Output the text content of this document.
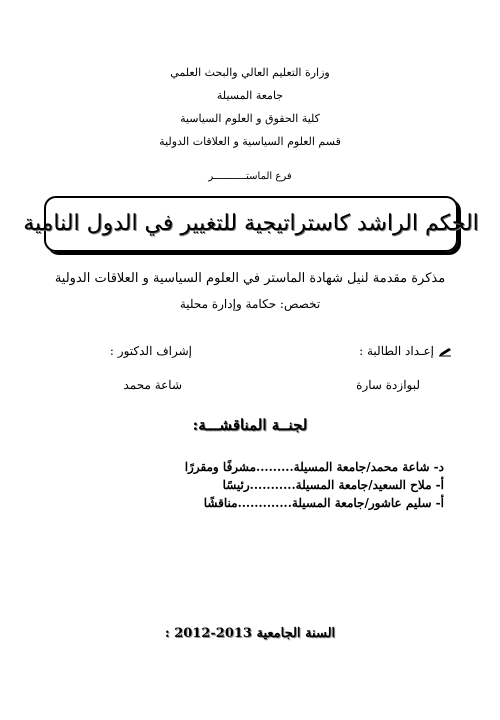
وزارة التعليم العالي والبحث العلمي
جامعة المسيلة
كلية الحقوق و العلوم السياسية
قسم العلوم السياسية و العلاقات الدولية
فرع الماستـــــــــــر
الحكم الراشد كاستراتيجية للتغيير في الدول النامية
مذكرة مقدمة لنيل شهادة الماستر في العلوم السياسية و العلاقات الدولية
تخصص: حكامة وإدارة محلية
إعـداد الطالبة :
إشراف الدكتور :
لبوازدة سارة
شاعة محمد
لجنــة المناقشـــة:
د- شاعة محمد/جامعة المسيلة.........مشرفًا ومقررًا
أ- ملاح السعيد/جامعة المسيلة...........رئيسًا
أ- سليم عاشور/جامعة المسيلة.............مناقشًا
السنة الجامعية 2013-2012 :
